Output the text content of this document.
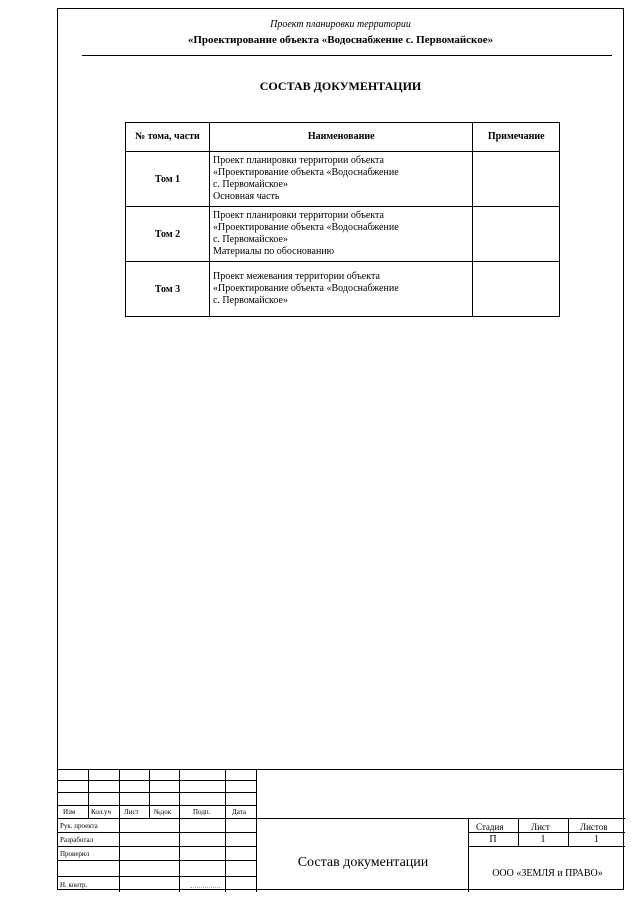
Проект планировки территории
«Проектирование объекта «Водоснабжение с. Первомайское»
СОСТАВ ДОКУМЕНТАЦИИ
№ тома, части	Наименование	Примечание
Том 1	Проект планировки территории объекта
«Проектирование объекта «Водоснабжение
с. Первомайское»
Основная часть	

Том 2	Проект планировки территории объекта
«Проектирование объекта «Водоснабжение
с. Первомайское»
Материалы по обоснованию	

Том 3	Проект межевания территории объекта
«Проектирование объекта «Водоснабжение
с. Первомайское»	

Изм Кол.уч Лист №док	Подп.	Дата
Рук. проекта
Разработал
Проверил
Н. контр.
Состав документации
Стадия	Лист	Листов
П	1	1
ООО «ЗЕМЛЯ и ПРАВО»
